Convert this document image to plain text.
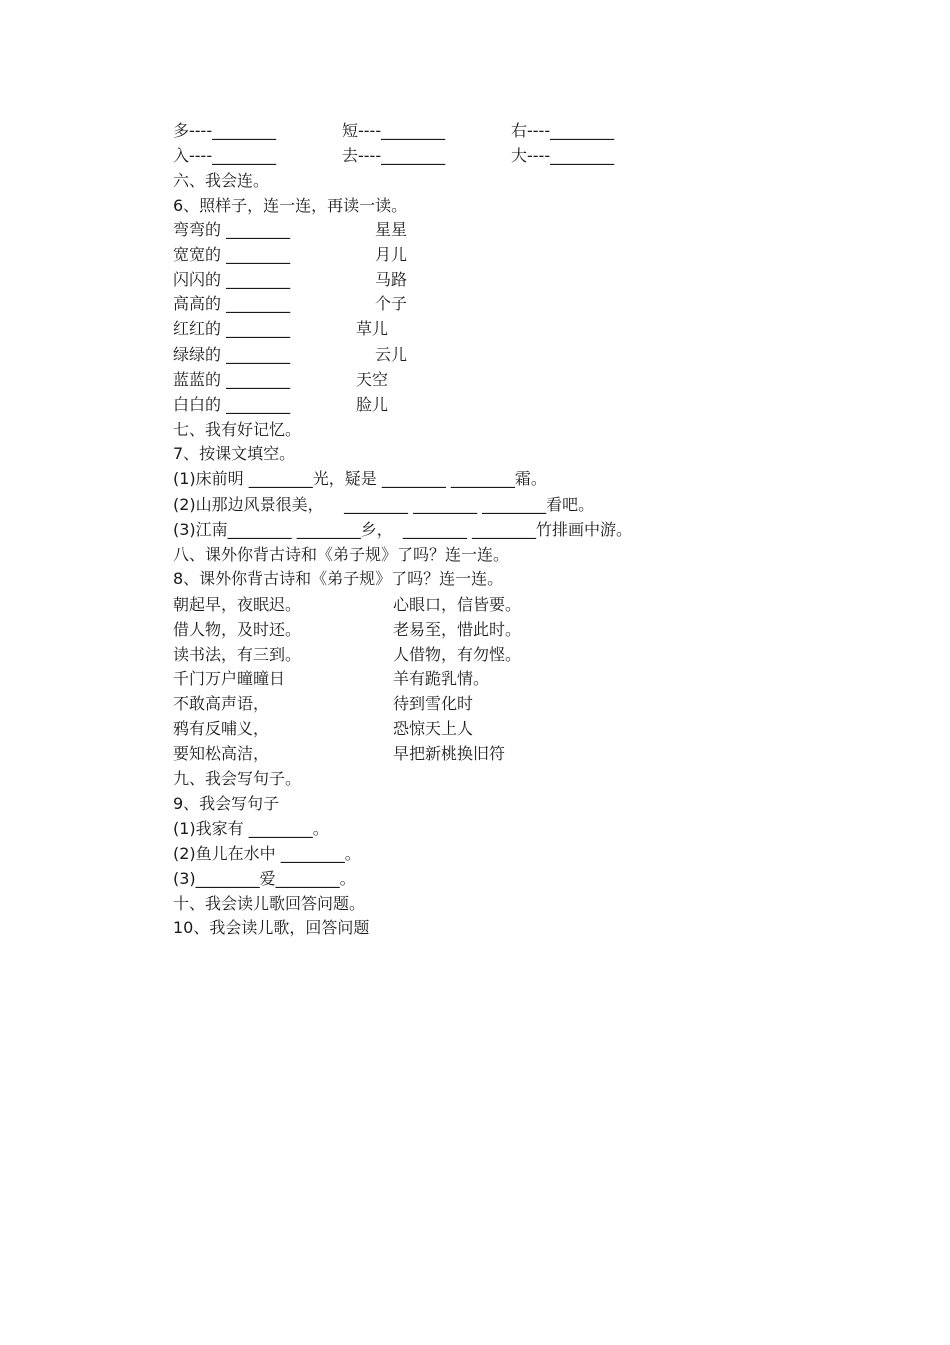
多----________	短----________	右----________
入----________	去----________	大----________
六、我会连。
6、照样子，连一连，再读一读。
弯弯的 ________	星星
宽宽的 ________	月儿
闪闪的 ________	马路
高高的 ________	个子
红红的 ________	草儿
绿绿的 ________	云儿
蓝蓝的 ________	天空
白白的 ________	脸儿
七、我有好记忆。
7、按课文填空。
(1)床前明 ________光，疑是 ________ ________霜。
(2)山那边风景很美，    ________ ________ ________看吧。
(3)江南________ ________乡，  ________ ________竹排画中游。
八、课外你背古诗和《弟子规》了吗？连一连。
8、课外你背古诗和《弟子规》了吗？连一连。
朝起早，夜眠迟。	心眼口，信皆要。
借人物，及时还。	老易至，惜此时。
读书法，有三到。	人借物，有勿悭。
千门万户曈曈日	羊有跪乳情。
不敢高声语，	待到雪化时
鸦有反哺义，	恐惊天上人
要知松高洁，	早把新桃换旧符
九、我会写句子。
9、我会写句子
(1)我家有 ________。
(2)鱼儿在水中 ________。
(3)________爱________。
十、我会读儿歌回答问题。
10、我会读儿歌，回答问题
